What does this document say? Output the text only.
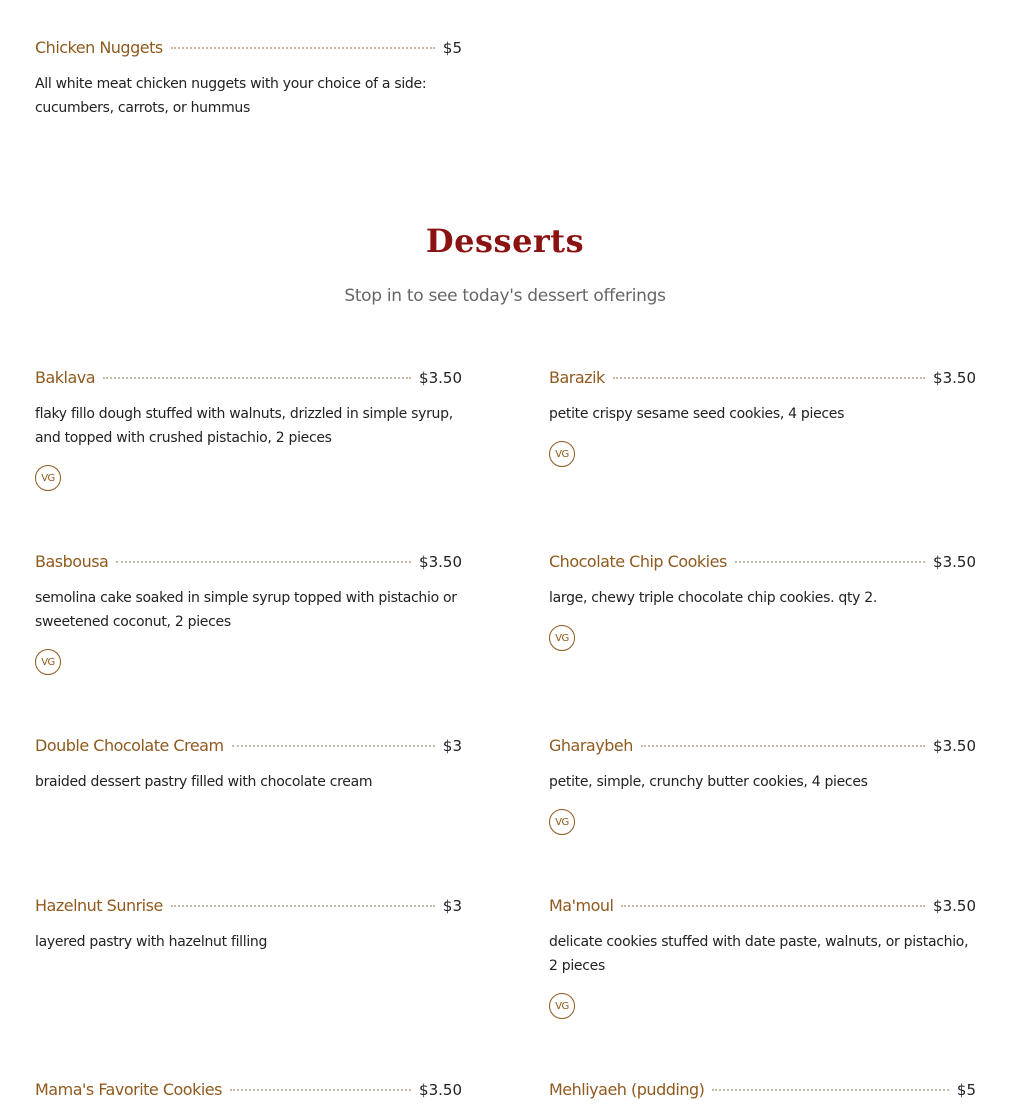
Chicken Nuggets	$5

All white meat chicken nuggets with your choice of a side: cucumbers, carrots, or hummus

Desserts

Stop in to see today's dessert offerings

Baklava	$3.50

flaky fillo dough stuffed with walnuts, drizzled in simple syrup, and topped with crushed pistachio, 2 pieces

VG
Barazik	$3.50

petite crispy sesame seed cookies, 4 pieces

VG
Basbousa	$3.50

semolina cake soaked in simple syrup topped with pistachio or sweetened coconut, 2 pieces

VG
Chocolate Chip Cookies	$3.50

large, chewy triple chocolate chip cookies. qty 2.

VG
Double Chocolate Cream	$3

braided dessert pastry filled with chocolate cream

Gharaybeh	$3.50

petite, simple, crunchy butter cookies, 4 pieces

VG
Hazelnut Sunrise	$3

layered pastry with hazelnut filling

Ma'moul	$3.50

delicate cookies stuffed with date paste, walnuts, or pistachio, 2 pieces

VG
Mama's Favorite Cookies	$3.50	Mehliyaeh (pudding)	$5
